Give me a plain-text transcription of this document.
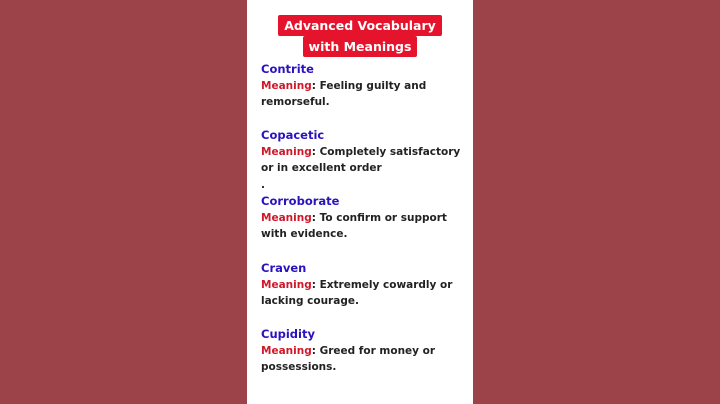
Advanced Vocabulary
with Meanings
Contrite
Meaning: Feeling guilty and remorseful.
Copacetic
Meaning: Completely satisfactory or in excellent order
.
Corroborate
Meaning: To confirm or support with evidence.
Craven
Meaning: Extremely cowardly or lacking courage.
Cupidity
Meaning: Greed for money or possessions.
